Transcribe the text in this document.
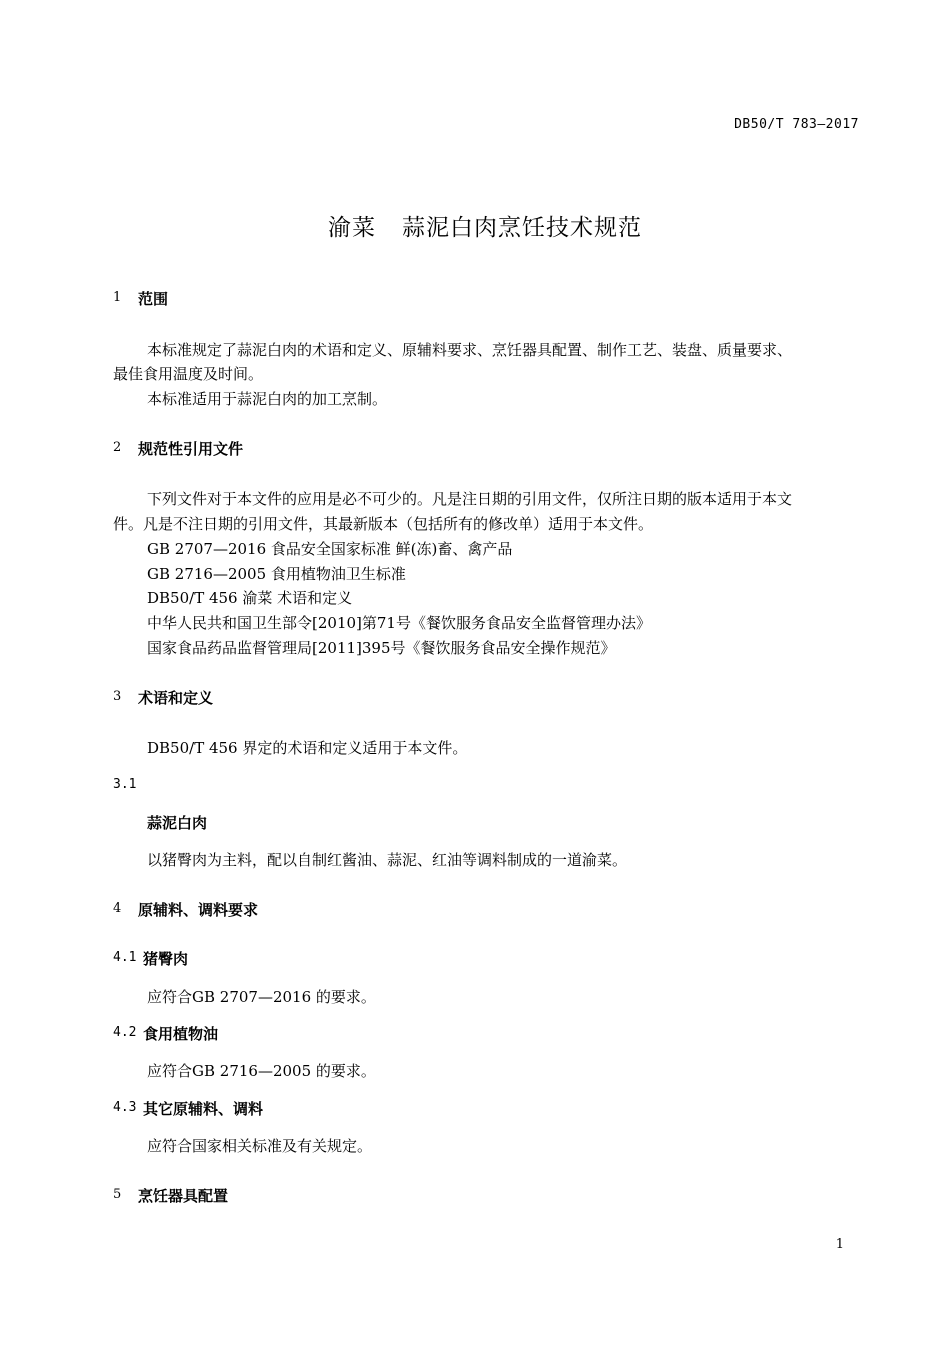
DB50/T 783—2017
渝菜 蒜泥白肉烹饪技术规范
1 范围
本标准规定了蒜泥白肉的术语和定义、原辅料要求、烹饪器具配置、制作工艺、装盘、质量要求、
最佳食用温度及时间。
本标准适用于蒜泥白肉的加工烹制。
2 规范性引用文件
下列文件对于本文件的应用是必不可少的。凡是注日期的引用文件，仅所注日期的版本适用于本文
件。凡是不注日期的引用文件，其最新版本（包括所有的修改单）适用于本文件。
GB 2707—2016 食品安全国家标准 鲜(冻)畜、禽产品
GB 2716—2005 食用植物油卫生标准
DB50/T 456 渝菜 术语和定义
中华人民共和国卫生部令[2010]第71号《餐饮服务食品安全监督管理办法》
国家食品药品监督管理局[2011]395号《餐饮服务食品安全操作规范》
3 术语和定义
DB50/T 456 界定的术语和定义适用于本文件。
3.1
蒜泥白肉
以猪臀肉为主料，配以自制红酱油、蒜泥、红油等调料制成的一道渝菜。
4 原辅料、调料要求
4.1 猪臀肉
应符合GB 2707—2016 的要求。
4.2 食用植物油
应符合GB 2716—2005 的要求。
4.3 其它原辅料、调料
应符合国家相关标准及有关规定。
5 烹饪器具配置
1
